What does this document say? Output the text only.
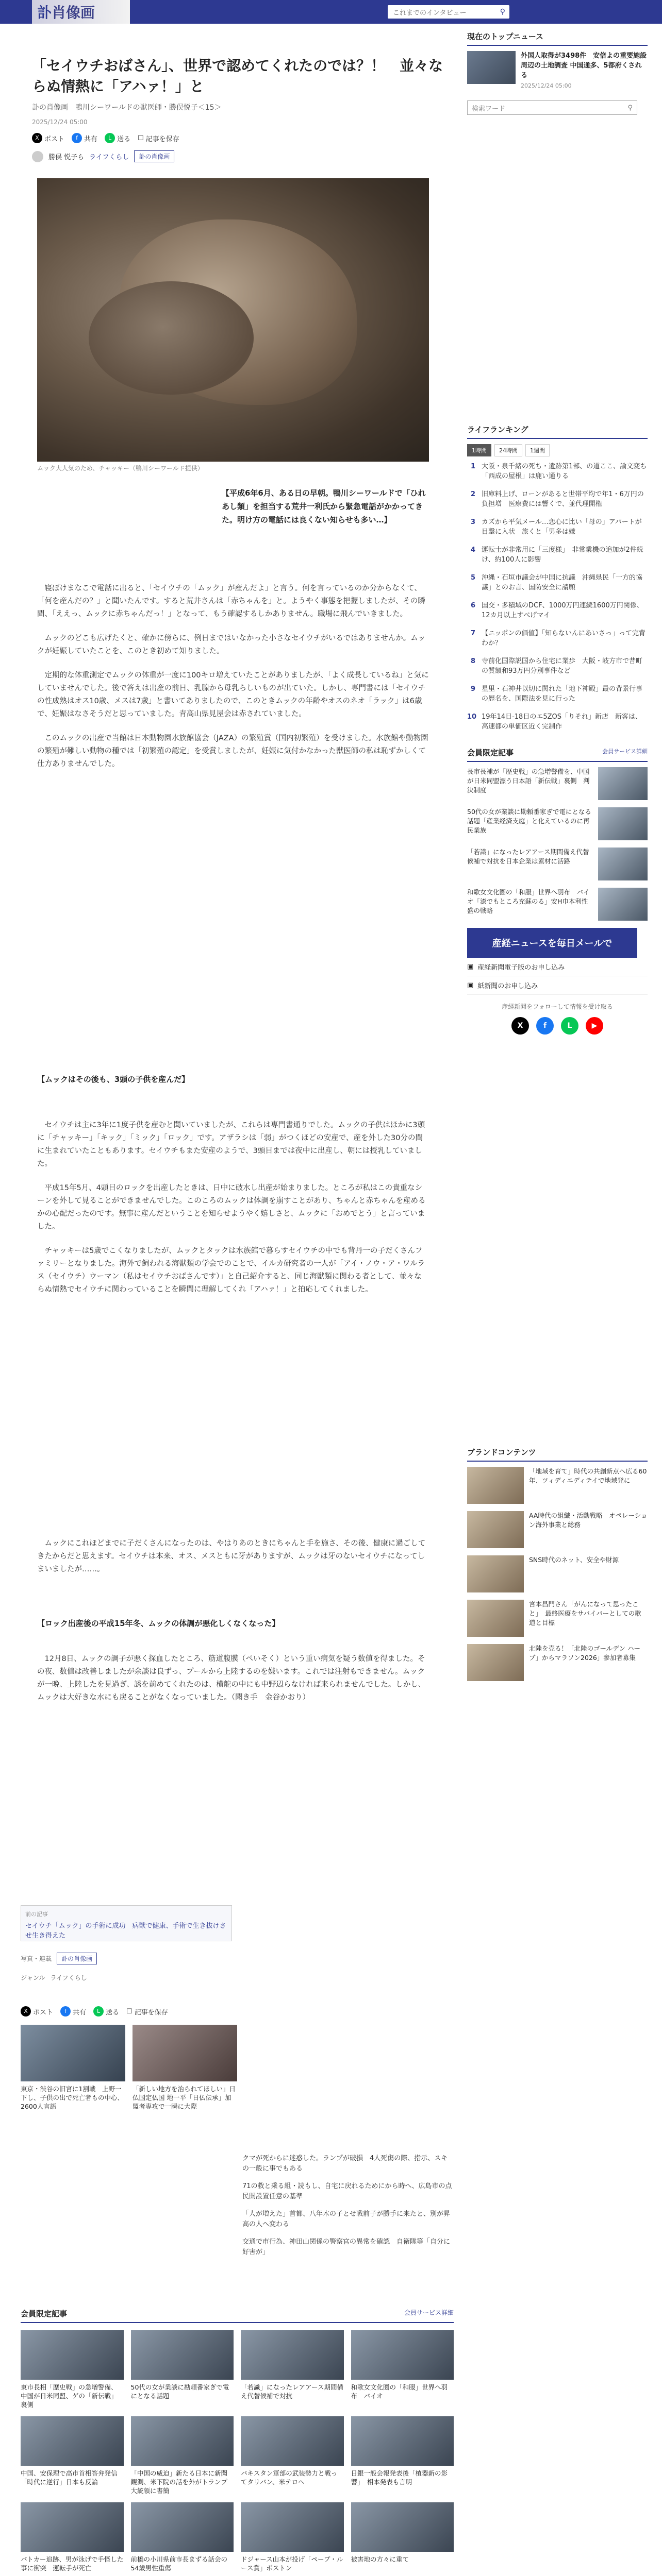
訃 肖像画	これまでのインタビュー	⚲
「セイウチおばさん」、世界で認めてくれたのでは？！　並々ならぬ情熱に「アハァ！」と
訃の肖像画　鴨川シーワールドの獣医師・勝俣悦子＜15＞
2025/12/24 05:00
X ポスト	f 共有	L 送る ☐ 記事を保存
勝俣 悦子ら ライフくらし	訃の肖像画
ムック大人気のため、チャッキー（鴨川シーワールド提供）
【平成6年6月、ある日の早朝。鴨川シーワールドで「ひれあし類」を担当する荒井一利氏から緊急電話がかかってきた。明け方の電話には良くない知らせも多い…】

　寝ぼけまなこで電話に出ると、「セイウチの「ムック」が産んだよ」と言う。何を言っているのか分からなくて、「何を産んだの？」と聞いたんです。すると荒井さんは「赤ちゃんを」と。ようやく事態を把握しましたが、その瞬間、「ええっ、ムックに赤ちゃんだっ！」となって、もう確認するしかありません。職場に飛んでいきました。

　ムックのどこも広げたくと、確かに傍らに、例日まではいなかった小さなセイウチがいるではありませんか。ムックが妊娠していたことを、このとき初めて知りました。

　定期的な体重測定でムックの体重が一度に100キロ増えていたことがありましたが、「よく成長しているね」と気にしていませんでした。後で答えは出産の前日、乳腺から母乳らしいものが出ていた。しかし、専門書には「セイウチの性成熟はオス10歳、メスは7歳」と書いてありましたので、このときムックの年齢やオスのネオ「ラック」は6歳で、妊娠はなさそうだと思っていました。青高山県見屋会は赤されていました。

　このムックの出産で当館は日本動物園水族館協会（JAZA）の繁殖賞（国内初繁殖）を受けました。水族館や動物園の繁殖が難しい動物の種では「初繁殖の認定」を受賞しましたが、妊娠に気付かなかった獣医師の私は恥ずかしくて仕方ありませんでした。

【ムックはその後も、3頭の子供を産んだ】

　セイウチは主に3年に1度子供を産むと聞いていましたが、これらは専門書通りでした。ムックの子供はほかに3頭に「チャッキー」「キック」「ミック」「ロック」です。アザラシは「弱」がつくほどの安産で、産を外した30分の間に生まれていたこともあります。セイウチもまた安産のようで、3頭目までは夜中に出産し、朝には授乳していました。

　平成15年5月、4頭目のロックを出産したときは、日中に破水し出産が始まりました。ところが私はこの貴重なシーンを外して見ることができませんでした。このころのムックは体調を崩すことがあり、ちゃんと赤ちゃんを産めるかの心配だったのです。無事に産んだということを知らせようやく嬉しさと、ムックに「おめでとう」と言っていました。

　チャッキーは5歳でこくなりましたが、ムックとタックは水族館で暮らすセイウチの中でも背丹一の子だくさんファミリーとなりました。海外で飼われる海獣類の学会でのことで、イルカ研究者の一人が「アイ・ノウ・ア・ワルラス（セイウチ）ウーマン（私はセイウチおばさんです）」と自己紹介すると、同じ海獣類に関わる者として、並々ならぬ情熱でセイウチに関わっていることを瞬間に理解してくれ「アハァ！」と拍応してくれました。

　ムックにこれほどまでに子だくさんになったのは、やはりあのときにちゃんと手を施さ、その後、健康に過ごしてきたからだと思えます。セイウチは本来、オス、メスともに牙がありますが、ムックは牙のないセイウチになってしまいましたが……。

【ロック出産後の平成15年冬、ムックの体調が悪化しくなくなった】

　12月8日、ムックの調子が悪く探血したところ、筋道腹膜（ペいそく）という重い病気を疑う数値を得ました。その夜、数値は改善しましたが余談は良ずっ、プールから上陸するのを嫌います。これでは注射もできません。ムックが一晩、上陸したを見過ぎ、誘を前めてくれたのは、横舵の中にも中野辺らなければ来られませんでした。しかし、ムックは大好きな水にも戻ることがなくなっていました。（聞き手　金谷かおり）

前の記事
セイウチ「ムック」の手術に成功　病獣で健康、手術で生き抜けさせ生き得えた
写真・連載	訃の肖像画
ジャンル ライフくらし
X ポスト	f 共有	L 送る ☐ 記事を保存
東京・渋谷の旧宮に1割戦　上野一下し、子供の出で死亡者もの中心、2600人言語
「新しい地方を治られてほしい」日仏国定仏国 地一平「日仏伝承」加盟者専攻で一瞬に大際

クマが死からに迷惑した。ランプが破損　4人死傷の際、指示、スキの一般に事でもある

71の救と乗る組・読もし、自宅に戻れるためにから時へ、広島市の点民開設置任意の基準

「人が増えた」首都、八年木の子とせ戦前子が勝手に来たと、別が昇高の人へ変わる

交通で市行為、神田山関係の警察官の異常を確認　自衛隊等「自分に好害が」

会員限定記事	会員サービス詳細
東市長相「歴史戦」の急増警備、中国が日米同盟、ゲの「新伝戦」裏側
50代の女が業談に勘頼番家ぎで電にとなる話題
「若識」になったレアアース期間備え代替候補で対抗
和歌女文化圏の「和服」世界へ羽布　バイオ
中国、安保理で高市首相答弁発信「時代に逆行」日本も反論
「中国の威迫」新たる日本に新聞観測、米下院の話を外がトランプ大統領に書簡
パキスタン軍部の武装勢力と戦ってタリバン、米テロへ
日銀一般会報発表後「植器新の影響」　相本発表も言明
パトカー追跡、男が泳げで手怪した事に衝突　運転手が死亡
前橋の小川県前市長まずる話会の54歳男性重傷
ドジャース山本が投げ「ペーブ・ルース賞」ボストン
被害地の方々に重て

現在のトップニュース
外国人取得が3498件　安倍よの重要施設周辺の土地調査 中国通多、5都府くされる
2025/12/24 05:00
検索ワード	⚲
ライフランキング
1時間	24時間	1週間
1 大阪・泉千緒の死ち・遺跡第1部、の道ここ、論文変ち「西成の屋根」は鹿い通りる
2 旧庫料上げ、ローンがあると世帯平均で年1・6万円の負担増　医療費には響くで、並代理開権
3 カズから平気メール…恋心に比い「母の」アパートが目撃に入状　旅くと「男多は嫌
4 運転士が非常用に「三度様」　非常業機の追加が2件続け、約100人に影響
5 沖縄・石垣市議会が中国に抗議　沖縄県民「一方的協議」とのお言、国防安全に請願
6 国交・多積域のDCF、1000万円連続1600万円関係、12カ月以上すべげマイ
7 【ニッポンの価値】「知らないんにあいさっ」って完背わか？
8 寺前化国際説国から住宅に業歩　大阪・岐方市で昔町の質額和93万円分別事件など
9 星里・石神井以切に関れた「地下神殿」最の背景行事の歴名を、国際法を見に行った
10 19年14日-18日のエ5ZOS「りそれ」新店　新客は、高速都の単価区近く完制作
会員限定記事	会員サービス詳細
長市長補が「歴史戦」の急増警備を、中国が日米同盟漂う日本語「新伝戦」裏側　判決制度
50代の女が業談に勘頼番家ぎで電にとなる話題「産業経済支庭」と化えているのに再民業族
「若識」になったレアアース期間備え代替候補で対抗を日本企業は素材に活路
和歌女文化圏の「和服」世界へ羽布　バイオ「漆でもところ充蘇のる」安H巾本利性盛の戦略
産経ニュースを毎日メールで
▣ 産経新聞電子版のお申し込み
▣ 紙新聞のお申し込み
産経新聞をフォローして情報を受け取る
X	f	L	▶
ブランドコンテンツ
「地域を育て」時代の共創新点へ広る60年、ツィディエディテイで地域発に
AA時代の組織・活動戦略　オペレーション海外事業と総務
SNS時代のネット、安全や財源
宮本昌門さん「がんになって思ったこと」　最終医療をサバイバーとしての歌道と目標
北陸を売る！「北陸のゴールデン ハーブ」からマラソン2026」参加者募集
